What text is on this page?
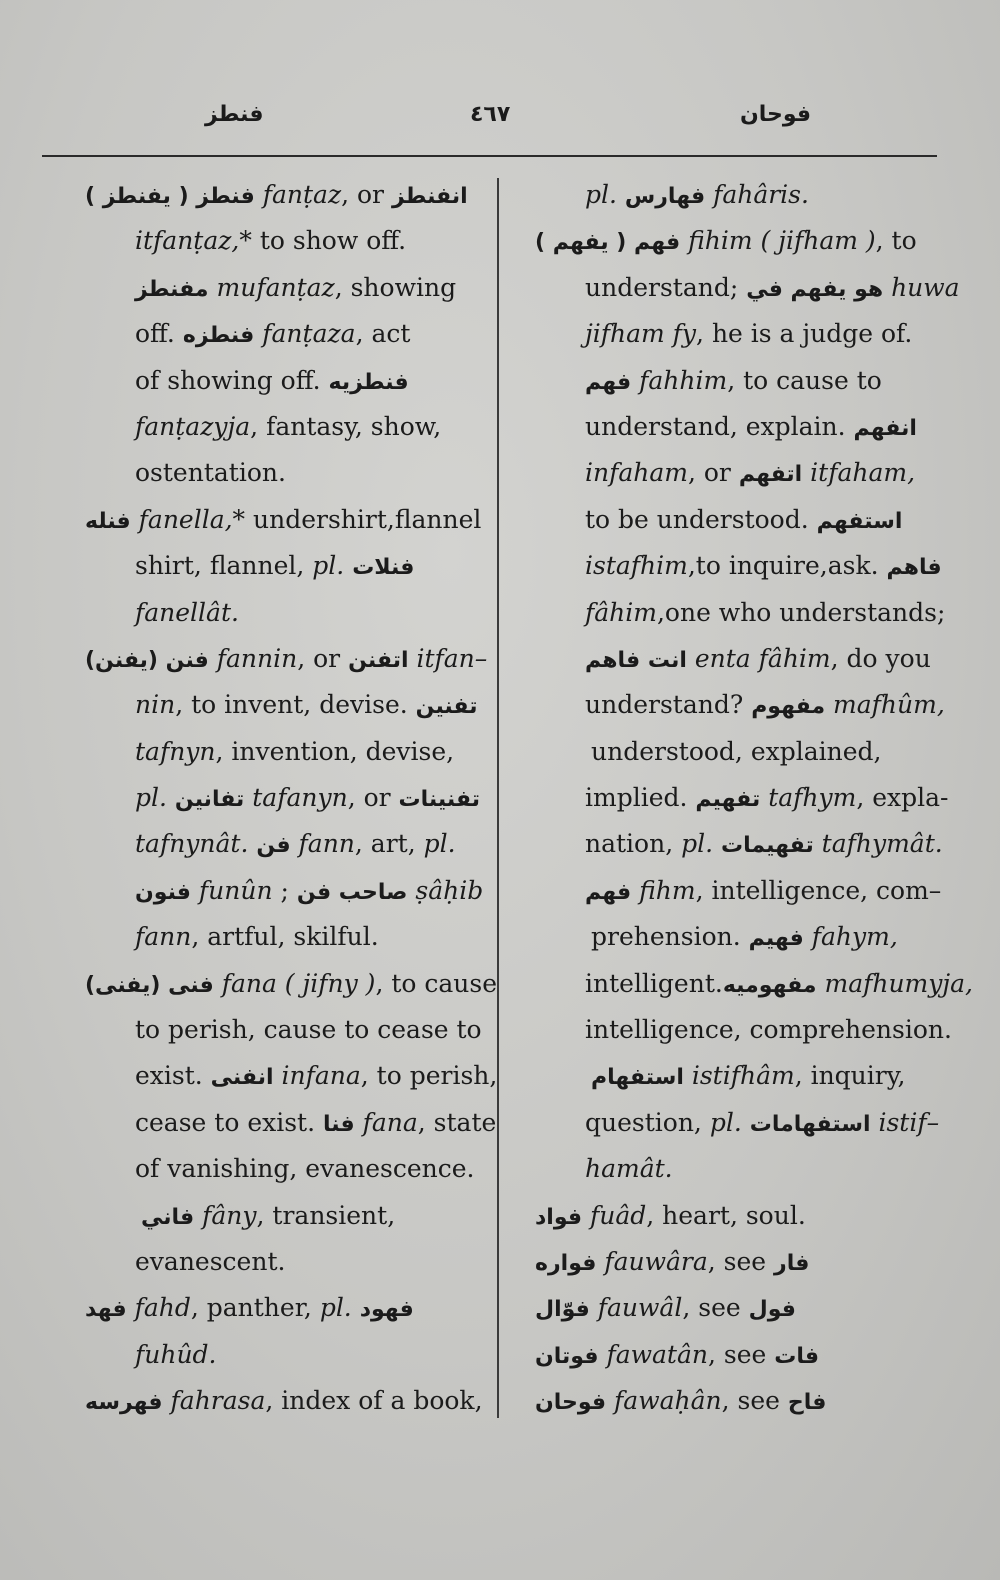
فنطز	٤٦٧	فوحان
فنطز ( يفنطز ) fanṭaz, or انفنطز
itfanṭaz,* to show off.
مفنطز mufanṭaz, showing
off. فنطزه fanṭaza, act
of showing off. فنطزيه
fanṭazyja, fantasy, show,
ostentation.
فنله fanella,* undershirt,flannel
shirt, flannel, pl. فنلات
fanellât.
فنن (يفنن) fannin, or اتفنن itfan–
nin, to invent, devise. تفنين
tafnyn, invention, devise,
pl. تفانين tafanyn, or تفنينات
tafnynât. فن fann, art, pl.
فنون funûn ; صاحب فن ṣâḥib
fann, artful, skilful.
فنى (يفنى) fana ( jifny ), to cause
to perish, cause to cease to
exist. انفنى infana, to perish,
cease to exist. فنا fana, state
of vanishing, evanescence.
فاني fâny, transient,
evanescent.
فهد fahd, panther, pl. فهود
fuhûd.
فهرسه fahrasa, index of a book,
pl. فهارس fahâris.
فهم ( يفهم ) fihim ( jifham ), to
understand; هو يفهم في huwa
jifham fy, he is a judge of.
فهم fahhim, to cause to
understand, explain. انفهم
infaham, or اتفهم itfaham,
to be understood. استفهم
istafhim,to inquire,ask. فاهم
fâhim,one who understands;
انت فاهم enta fâhim, do you
understand? مفهوم mafhûm,
understood, explained,
implied. تفهيم tafhym, expla-
nation, pl. تفهيمات tafhymât.
فهم fihm, intelligence, com–
prehension. فهيم fahym,
intelligent.مفهوميه mafhumyja,
intelligence, comprehension.
استفهام istifhâm, inquiry,
question, pl. استفهامات istif–
hamât.
فواد fuâd, heart, soul.
فواره fauwâra, see فار
فوّال fauwâl, see فول
فوتان fawatân, see فات
فوحان fawaḥân, see فاح
